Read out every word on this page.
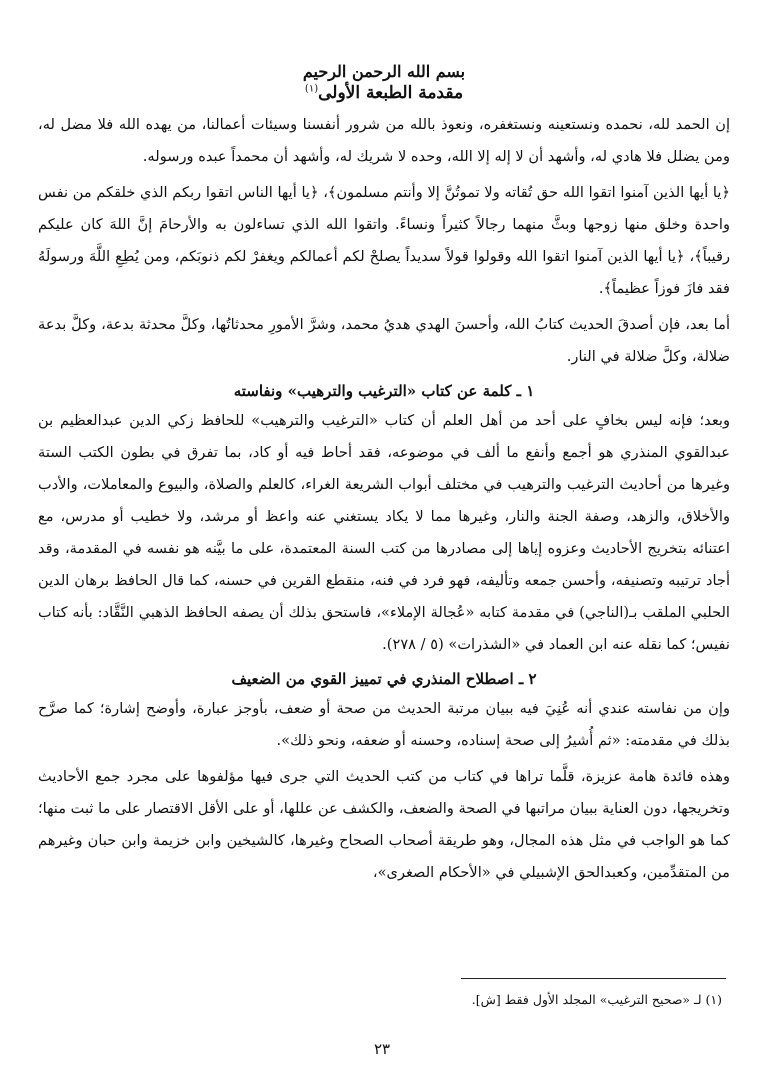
بسم الله الرحمن الرحيم
مقدمة الطبعة الأولى$^{(١)}$

إن الحمد لله، نحمده ونستعينه ونستغفره، ونعوذ بالله من شرور أنفسنا وسيئات أعمالنا، من يهده الله فلا مضل له، ومن يضلل فلا هادي له، وأشهد أن لا إله إلا الله، وحده لا شريك له، وأشهد أن محمداً عبده ورسوله.

﴿يا أيها الذين آمنوا اتقوا الله حق تُقاته ولا تموتُنَّ إلا وأنتم مسلمون﴾، ﴿يا أيها الناس اتقوا ربكم الذي خلقكم من نفس واحدة وخلق منها زوجها وبثَّ منهما رجالاً كثيراً ونساءً. واتقوا الله الذي تساءلون به والأرحامَ إنَّ اللهَ كان عليكم رقيباً﴾، ﴿يا أيها الذين آمنوا اتقوا الله وقولوا قولاً سديداً يصلحْ لكم أعمالكم ويغفرْ لكم ذنوبَكم، ومن يُطِعِ اللَّهَ ورسولَهُ فقد فازَ فوزاً عظيماً﴾.

أما بعد، فإن أصدقَ الحديث كتابُ الله، وأحسنَ الهدي هديُ محمد، وشرَّ الأمورِ محدثاتُها، وكلَّ محدثة بدعة، وكلَّ بدعة ضلالة، وكلَّ ضلالة في النار.

١ ـ كلمة عن كتاب «الترغيب والترهيب» ونفاسته

وبعد؛ فإنه ليس بخافٍ على أحد من أهل العلم أن كتاب «الترغيب والترهيب» للحافظ زكي الدين عبدالعظيم بن عبدالقوي المنذري هو أجمع وأنفع ما ألف في موضوعه، فقد أحاط فيه أو كاد، بما تفرق في بطون الكتب الستة وغيرها من أحاديث الترغيب والترهيب في مختلف أبواب الشريعة الغراء، كالعلم والصلاة، والبيوع والمعاملات، والأدب والأخلاق، والزهد، وصفة الجنة والنار، وغيرها مما لا يكاد يستغني عنه واعظ أو مرشد، ولا خطيب أو مدرس، مع اعتنائه بتخريج الأحاديث وعزوه إياها إلى مصادرها من كتب السنة المعتمدة، على ما بيَّنه هو نفسه في المقدمة، وقد أجاد ترتيبه وتصنيفه، وأحسن جمعه وتأليفه، فهو فرد في فنه، منقطع القرين في حسنه، كما قال الحافظ برهان الدين الحلبي الملقب بـ(الناجي) في مقدمة كتابه «عُجالة الإملاء»، فاستحق بذلك أن يصفه الحافظ الذهبي النَّقَّاد: بأنه كتاب نفيس؛ كما نقله عنه ابن العماد في «الشذرات» (٥ / ٢٧٨).

٢ ـ اصطلاح المنذري في تمييز القوي من الضعيف

وإن من نفاسته عندي أنه عُنِيَ فيه ببيان مرتبة الحديث من صحة أو ضعف، بأوجز عبارة، وأوضح إشارة؛ كما صرَّح بذلك في مقدمته: «ثم أُشيرُ إلى صحة إسناده، وحسنه أو ضعفه، ونحو ذلك».

وهذه فائدة هامة عزيزة، قلَّما تراها في كتاب من كتب الحديث التي جرى فيها مؤلفوها على مجرد جمع الأحاديث وتخريجها، دون العناية ببيان مراتبها في الصحة والضعف، والكشف عن عللها، أو على الأقل الاقتصار على ما ثبت منها؛ كما هو الواجب في مثل هذه المجال، وهو طريقة أصحاب الصحاح وغيرها، كالشيخين وابن خزيمة وابن حبان وغيرهم من المتقدِّمين، وكعبدالحق الإشبيلي في «الأحكام الصغرى»،

(١) لـ «صحيح الترغيب» المجلد الأول فقط [ش].
٢٣
